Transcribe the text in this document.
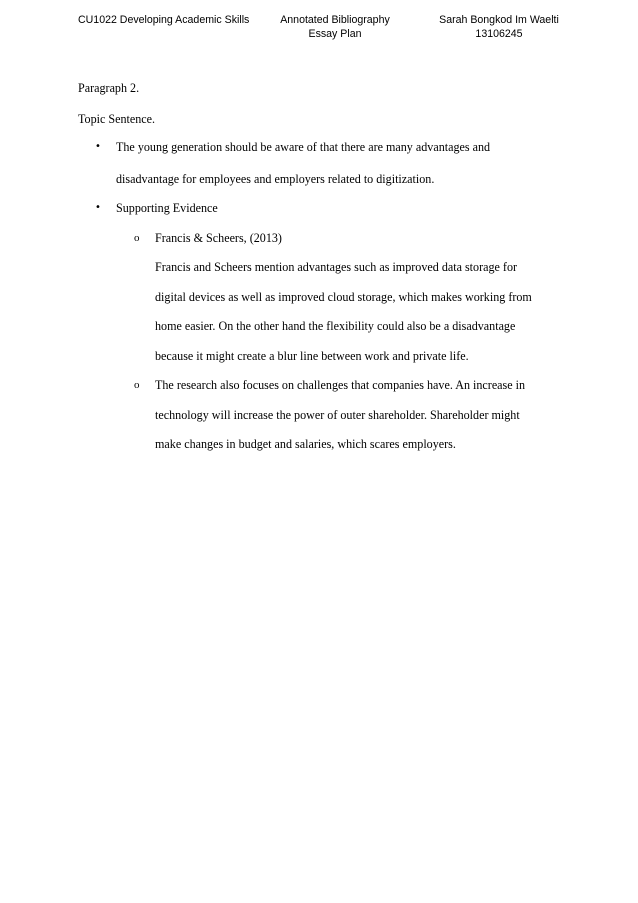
CU1022 Developing Academic Skills	Annotated Bibliography
Essay Plan
Sarah Bongkod Im Waelti
13106245
Paragraph 2.
Topic Sentence.
• The young generation should be aware of that there are many advantages and
disadvantage for employees and employers related to digitization.
• Supporting Evidence
o Francis & Scheers, (2013)
Francis and Scheers mention advantages such as improved data storage for
digital devices as well as improved cloud storage, which makes working from
home easier. On the other hand the flexibility could also be a disadvantage
because it might create a blur line between work and private life.
o The research also focuses on challenges that companies have. An increase in
technology will increase the power of outer shareholder. Shareholder might
make changes in budget and salaries, which scares employers.
